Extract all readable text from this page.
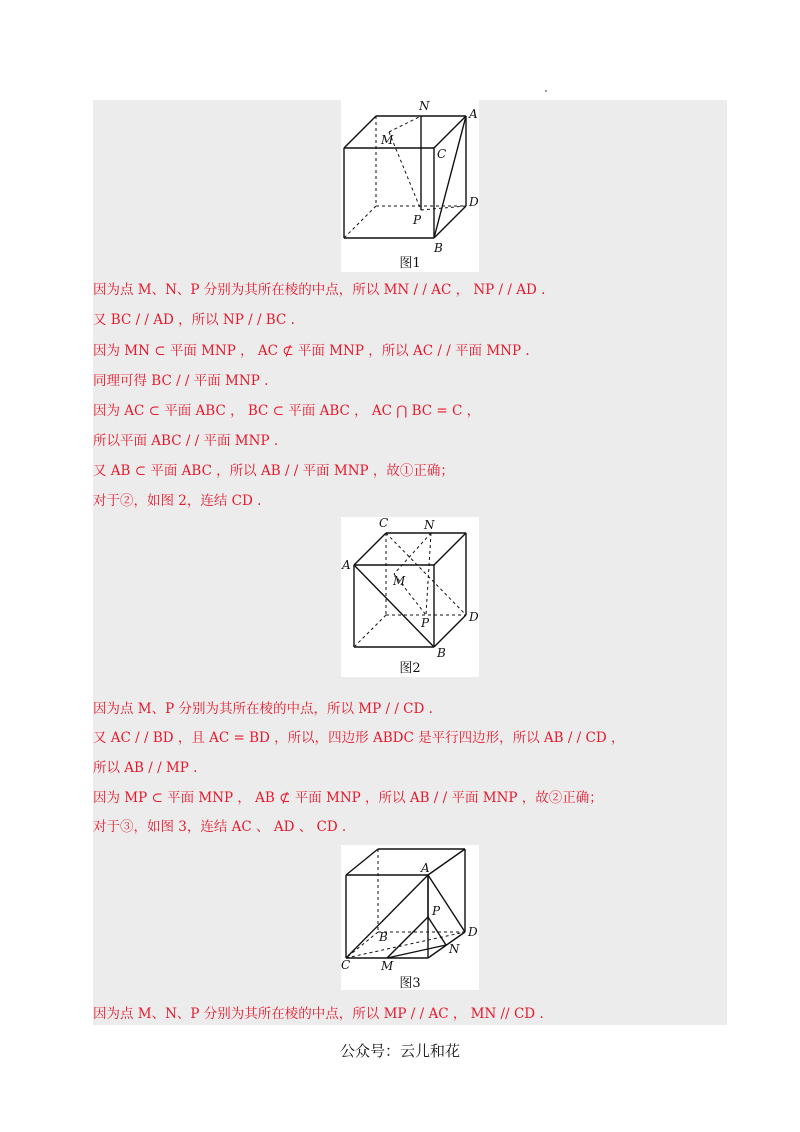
N
A
M
C
P
D
B
图1
C	N
A
M
P	D
B
图2
A
P
B	D
N
C	M
图3
因为点 M、N、P 分别为其所在棱的中点，所以 MN / / AC ， NP / / AD .
又 BC / / AD ，所以 NP / / BC .
因为 MN ⊂ 平面 MNP ， AC ⊄ 平面 MNP ，所以 AC / / 平面 MNP .
同理可得 BC / / 平面 MNP .
因为 AC ⊂ 平面 ABC ， BC ⊂ 平面 ABC ， AC ⋂ BC = C ，
所以平面 ABC / / 平面 MNP .
又 AB ⊂ 平面 ABC ，所以 AB / / 平面 MNP ，故①正确；
对于②，如图 2，连结 CD .
因为点 M、P 分别为其所在棱的中点，所以 MP / / CD .
又 AC / / BD ，且 AC = BD ，所以，四边形 ABDC 是平行四边形，所以 AB / / CD ，
所以 AB / / MP .
因为 MP ⊂ 平面 MNP ， AB ⊄ 平面 MNP ，所以 AB / / 平面 MNP ，故②正确；
对于③，如图 3，连结 AC 、 AD 、 CD .
因为点 M、N、P 分别为其所在棱的中点，所以 MP / / AC ， MN // CD .
公众号：云儿和花
